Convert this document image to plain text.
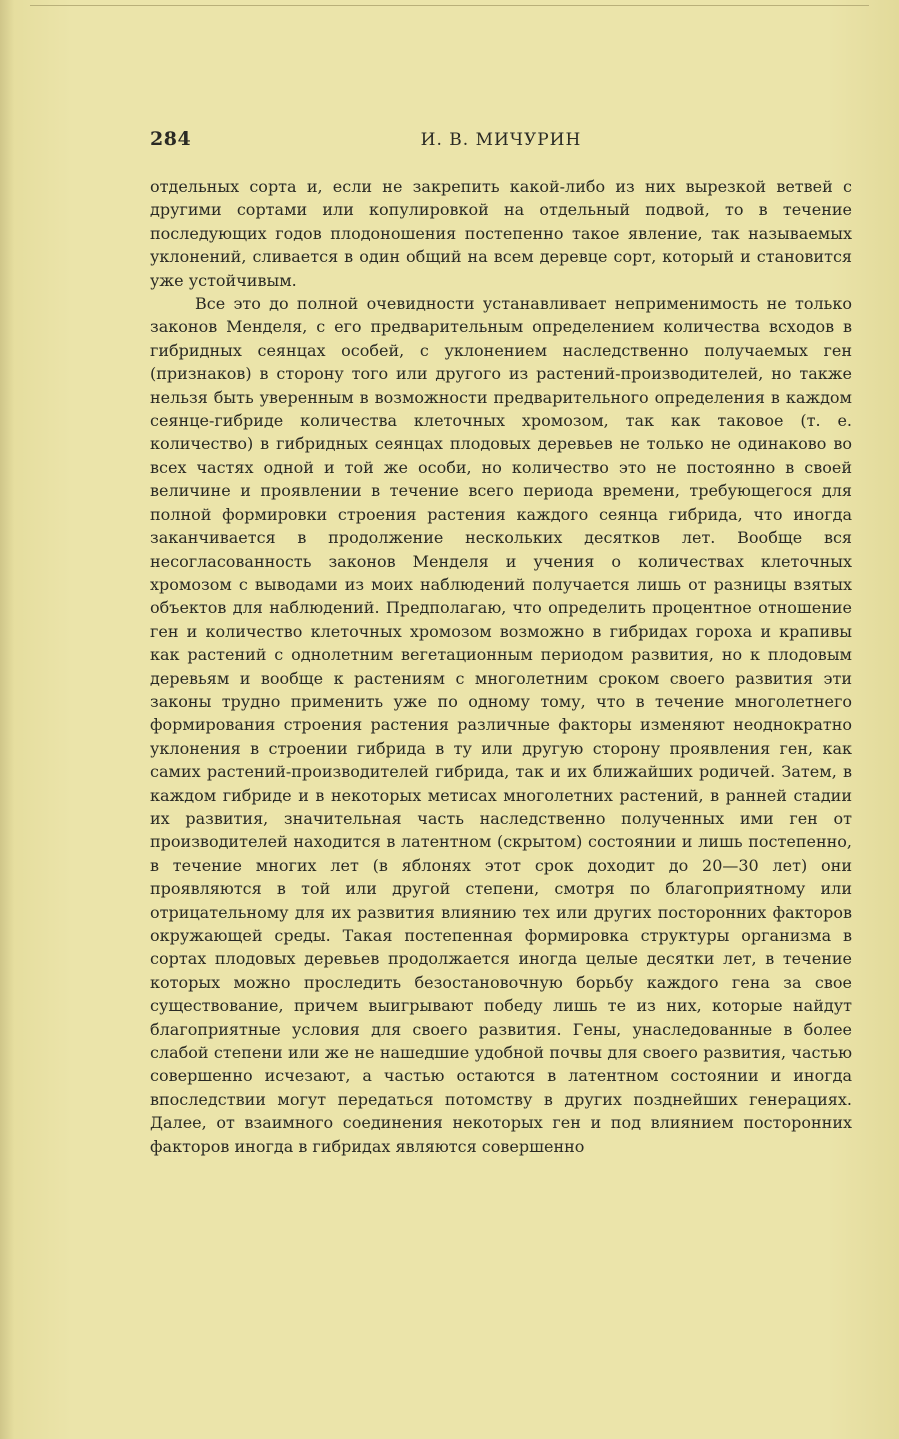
284	И. В. МИЧУРИН

отдельных сорта и, если не закрепить какой-либо из них вырезкой ветвей с другими сортами или копулировкой на отдельный подвой, то в течение последующих годов плодоношения постепенно такое явление, так называемых уклонений, сливается в один общий на всем деревце сорт, который и становится уже устойчивым.

Все это до полной очевидности устанавливает неприменимость не только законов Менделя, с его предварительным определением количества всходов в гибридных сеянцах особей, с уклонением наследственно получаемых ген (признаков) в сторону того или другого из растений-производителей, но также нельзя быть уверенным в возможности предварительного определения в каждом сеянце-гибриде количества клеточных хромозом, так как таковое (т. е. количество) в гибридных сеянцах плодовых деревьев не только не одинаково во всех частях одной и той же особи, но количество это не постоянно в своей величине и проявлении в течение всего периода времени, требующегося для полной формировки строения растения каждого сеянца гибрида, что иногда заканчивается в продолжение нескольких десятков лет. Вообще вся несогласованность законов Менделя и учения о количествах клеточных хромозом с выводами из моих наблюдений получается лишь от разницы взятых объектов для наблюдений. Предполагаю, что определить процентное отношение ген и количество клеточных хромозом возможно в гибридах гороха и крапивы как растений с однолетним вегетационным периодом развития, но к плодовым деревьям и вообще к растениям с многолетним сроком своего развития эти законы трудно применить уже по одному тому, что в течение многолетнего формирования строения растения различные факторы изменяют неоднократно уклонения в строении гибрида в ту или другую сторону проявления ген, как самих растений-производителей гибрида, так и их ближайших родичей. Затем, в каждом гибриде и в некоторых метисах многолетних растений, в ранней стадии их развития, значительная часть наследственно полученных ими ген от производителей находится в латентном (скрытом) состоянии и лишь постепенно, в течение многих лет (в яблонях этот срок доходит до 20—30 лет) они проявляются в той или другой степени, смотря по благоприятному или отрицательному для их развития влиянию тех или других посторонних факторов окружающей среды. Такая постепенная формировка структуры организма в сортах плодовых деревьев продолжается иногда целые десятки лет, в течение которых можно проследить безостановочную борьбу каждого гена за свое существование, причем выигрывают победу лишь те из них, которые найдут благоприятные условия для своего развития. Гены, унаследованные в более слабой степени или же не нашедшие удобной почвы для своего развития, частью совершенно исчезают, а частью остаются в латентном состоянии и иногда впоследствии могут передаться потомству в других позднейших генерациях. Далее, от взаимного соединения некоторых ген и под влиянием посторонних факторов иногда в гибридах являются совершенно
